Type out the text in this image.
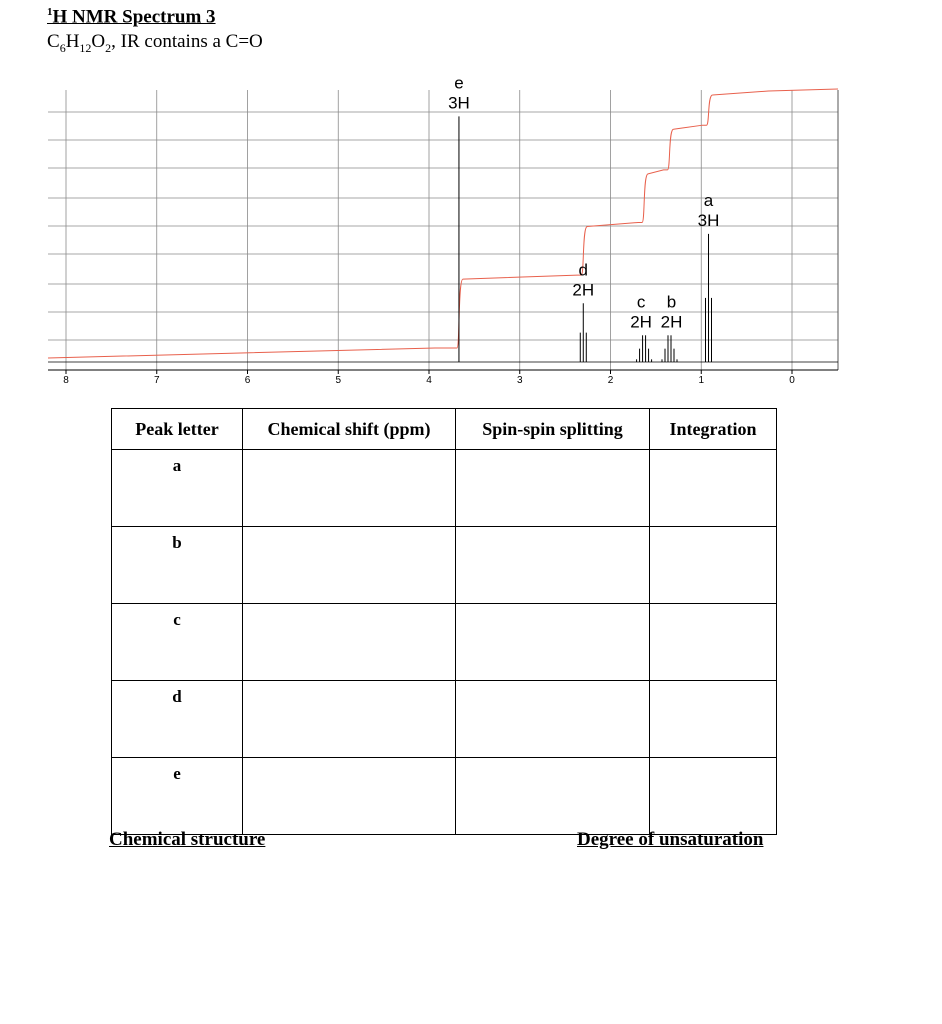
$^1$H NMR Spectrum 3
$C_6H_{12}O_2$, IR contains a C=O
e
3H
d
2H
c
2H
b
2H
a
3H
8	7	6	5	4	3	2	1	0
Peak letter	Chemical shift (ppm)	Spin-spin splitting	Integration
a			
b			
c			
d			
e			
Chemical structure	Degree of unsaturation
